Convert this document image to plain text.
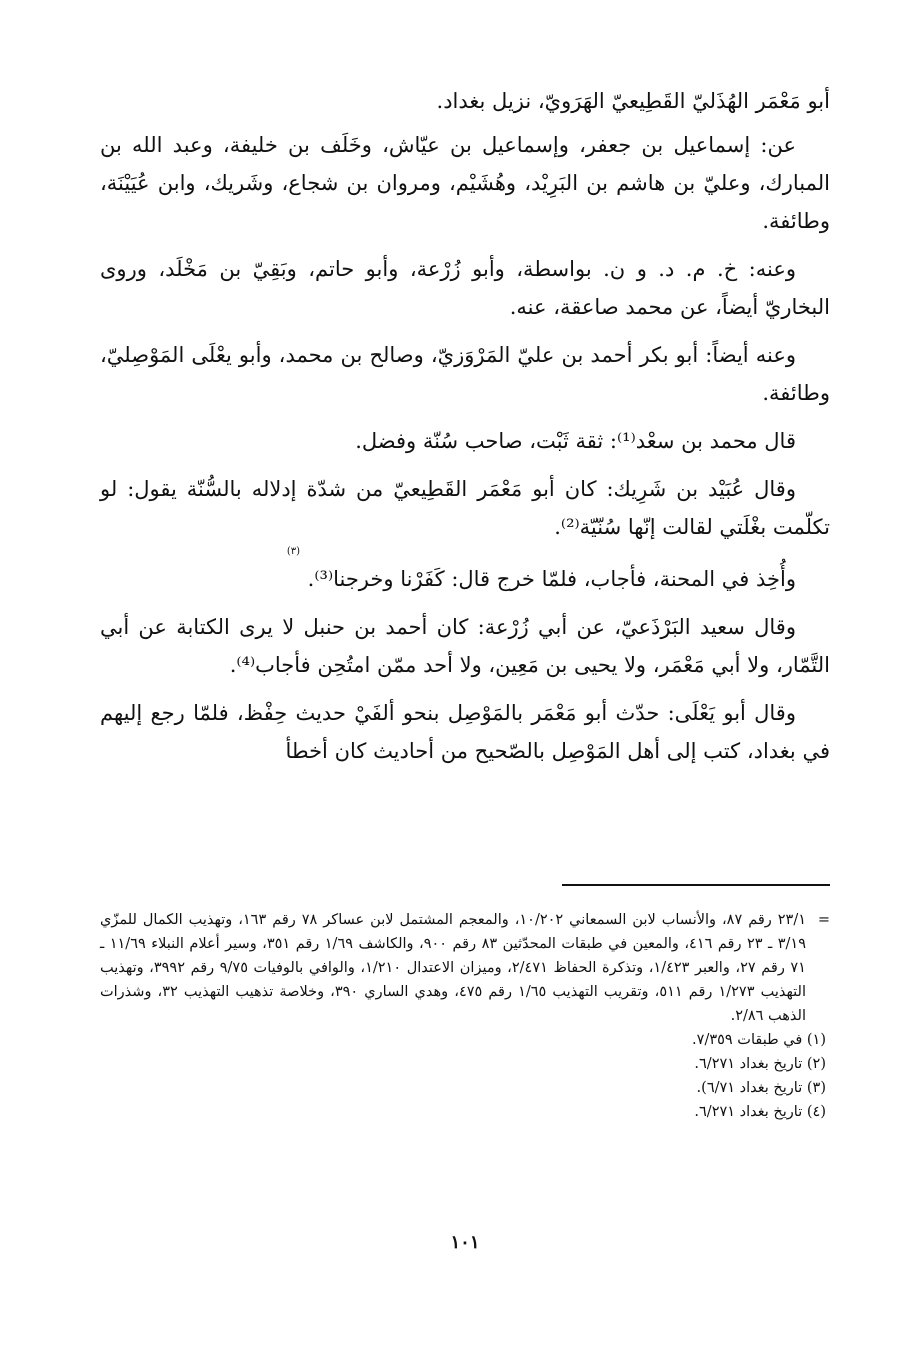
أبو مَعْمَر الهُذَليّ القَطِيعيّ الهَرَويّ، نزيل بغداد.

عن: إسماعيل بن جعفر، وإسماعيل بن عيّاش، وخَلَف بن خليفة، وعبد الله بن المبارك، وعليّ بن هاشم بن البَرِيْد، وهُشَيْم، ومروان بن شجاع، وشَريك، وابن عُيَيْنَة، وطائفة.

وعنه: خ. م. د. و ن. بواسطة، وأبو زُرْعة، وأبو حاتم، وبَقِيّ بن مَخْلَد، وروى البخاريّ أيضاً، عن محمد صاعقة، عنه.

وعنه أيضاً: أبو بكر أحمد بن عليّ المَرْوَزيّ، وصالح بن محمد، وأبو يعْلَى المَوْصِليّ، وطائفة.

قال محمد بن سعْد⁽¹⁾: ثقة ثَبْت، صاحب سُنّة وفضل.

وقال عُبَيْد بن شَرِيك: كان أبو مَعْمَر القَطِيعيّ من شدّة إدلاله بالسُّنّة يقول: لو تكلّمت بغْلَتي لقالت إنّها سُنّيّة⁽²⁾.

(٣)

وأُخِذ في المحنة، فأجاب، فلمّا خرج قال: كَفَرْنا وخرجنا⁽³⁾.

وقال سعيد البَرْذَعيّ، عن أبي زُرْعة: كان أحمد بن حنبل لا يرى الكتابة عن أبي التَّمّار، ولا أبي مَعْمَر، ولا يحيى بن مَعِين، ولا أحد ممّن امتُحِن فأجاب⁽⁴⁾.

وقال أبو يَعْلَى: حدّث أبو مَعْمَر بالمَوْصِل بنحو ألفَيْ حديث حِفْظ، فلمّا رجع إليهم في بغداد، كتب إلى أهل المَوْصِل بالصّحيح من أحاديث كان أخطأ

=
٢٣/١ رقم ٨٧، والأنساب لابن السمعاني ١٠/٢٠٢، والمعجم المشتمل لابن عساكر ٧٨ رقم ١٦٣، وتهذيب الكمال للمزّي ٣/١٩ ـ ٢٣ رقم ٤١٦، والمعين في طبقات المحدّثين ٨٣ رقم ٩٠٠، والكاشف ١/٦٩ رقم ٣٥١، وسير أعلام النبلاء ١١/٦٩ ـ ٧١ رقم ٢٧، والعبر ١/٤٢٣، وتذكرة الحفاظ ٢/٤٧١، وميزان الاعتدال ١/٢١٠، والوافي بالوفيات ٩/٧٥ رقم ٣٩٩٢، وتهذيب التهذيب ١/٢٧٣ رقم ٥١١، وتقريب التهذيب ١/٦٥ رقم ٤٧٥، وهدي الساري ٣٩٠، وخلاصة تذهيب التهذيب ٣٢، وشذرات الذهب ٢/٨٦.
(١) في طبقات ٧/٣٥٩.
(٢) تاريخ بغداد ٦/٢٧١.
(٣) تاريخ بغداد ٦/٧١).
(٤) تاريخ بغداد ٦/٢٧١.
١٠١
